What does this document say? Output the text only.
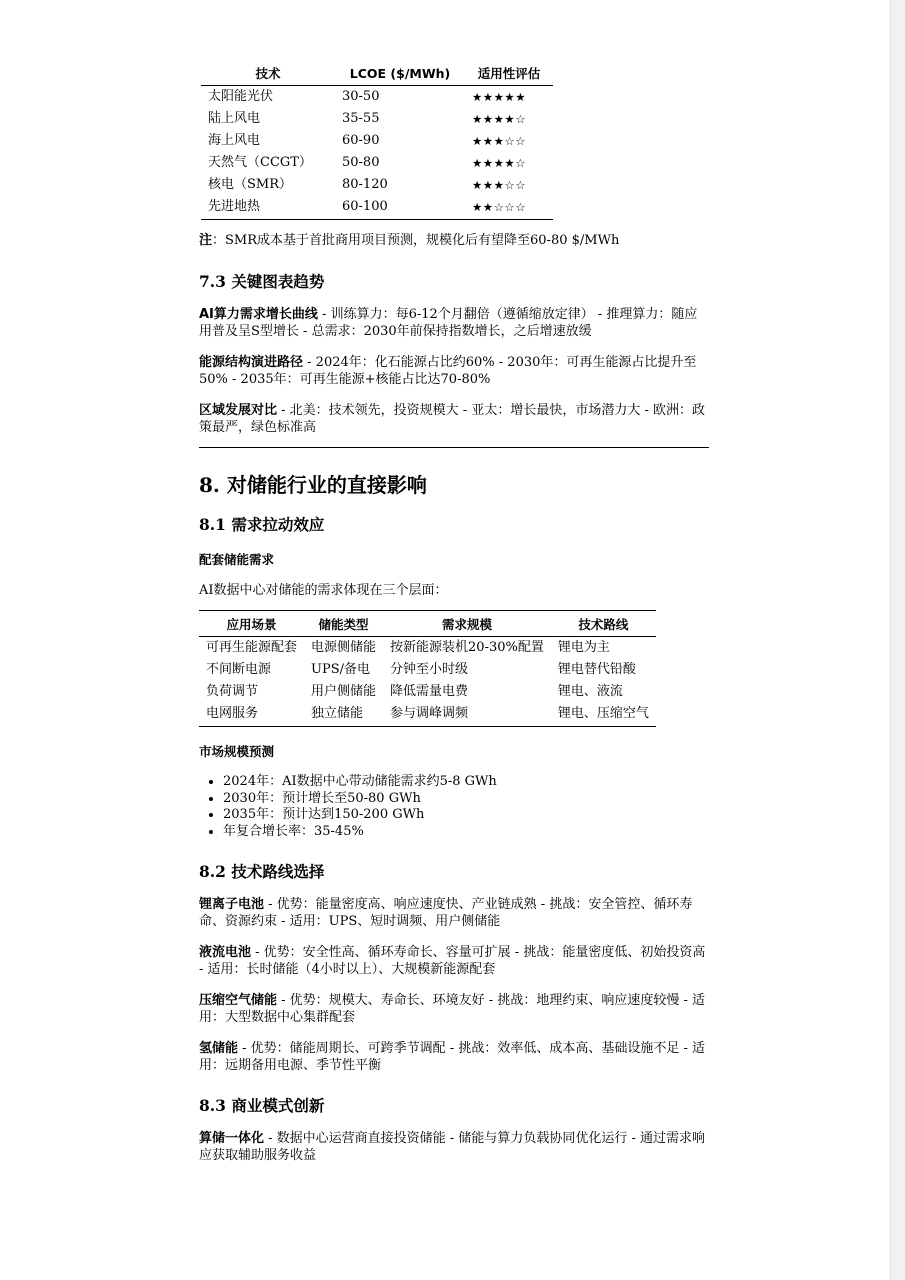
技术	LCOE ($/MWh)	适用性评估
太阳能光伏	30-50	★★★★★
陆上风电	35-55	★★★★☆
海上风电	60-90	★★★☆☆
天然气（CCGT）	50-80	★★★★☆
核电（SMR）	80-120	★★★☆☆
先进地热	60-100	★★☆☆☆

注：SMR成本基于首批商用项目预测，规模化后有望降至60-80 $/MWh

7.3 关键图表趋势

AI算力需求增长曲线 - 训练算力：每6-12个月翻倍（遵循缩放定律） - 推理算力：随应用普及呈S型增长 - 总需求：2030年前保持指数增长，之后增速放缓

能源结构演进路径 - 2024年：化石能源占比约60% - 2030年：可再生能源占比提升至50% - 2035年：可再生能源+核能占比达70-80%

区域发展对比 - 北美：技术领先，投资规模大 - 亚太：增长最快，市场潜力大 - 欧洲：政策最严，绿色标准高

8. 对储能行业的直接影响
8.1 需求拉动效应
配套储能需求

AI数据中心对储能的需求体现在三个层面：

应用场景	储能类型	需求规模	技术路线
可再生能源配套	电源侧储能	按新能源装机20-30%配置	锂电为主
不间断电源	UPS/备电	分钟至小时级	锂电替代铅酸
负荷调节	用户侧储能	降低需量电费	锂电、液流
电网服务	独立储能	参与调峰调频	锂电、压缩空气
市场规模预测
• 2024年：AI数据中心带动储能需求约5-8 GWh
• 2030年：预计增长至50-80 GWh
• 2035年：预计达到150-200 GWh
• 年复合增长率：35-45%
8.2 技术路线选择

锂离子电池 - 优势：能量密度高、响应速度快、产业链成熟 - 挑战：安全管控、循环寿命、资源约束 - 适用：UPS、短时调频、用户侧储能

液流电池 - 优势：安全性高、循环寿命长、容量可扩展 - 挑战：能量密度低、初始投资高 - 适用：长时储能（4小时以上）、大规模新能源配套

压缩空气储能 - 优势：规模大、寿命长、环境友好 - 挑战：地理约束、响应速度较慢 - 适用：大型数据中心集群配套

氢储能 - 优势：储能周期长、可跨季节调配 - 挑战：效率低、成本高、基础设施不足 - 适用：远期备用电源、季节性平衡

8.3 商业模式创新

算储一体化 - 数据中心运营商直接投资储能 - 储能与算力负载协同优化运行 - 通过需求响应获取辅助服务收益
